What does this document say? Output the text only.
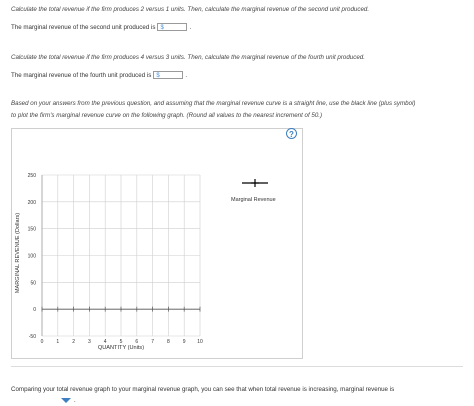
Calculate the total revenue if the firm produces 2 versus 1 units. Then, calculate the marginal revenue of the second unit produced.
The marginal revenue of the second unit produced is $	.
Calculate the total revenue if the firm produces 4 versus 3 units. Then, calculate the marginal revenue of the fourth unit produced.
The marginal revenue of the fourth unit produced is $	.
Based on your answers from the previous question, and assuming that the marginal revenue curve is a straight line, use the black line (plus symbol)
to plot the firm's marginal revenue curve on the following graph. (Round all values to the nearest increment of 50.)
?
250
200
150
100
50
0
-50
0	1	2	3	4	5	6	7	8	9 10
MARGINAL REVENUE (Dollars)
QUANTITY (Units)
Marginal Revenue
Comparing your total revenue graph to your marginal revenue graph, you can see that when total revenue is increasing, marginal revenue is
.
